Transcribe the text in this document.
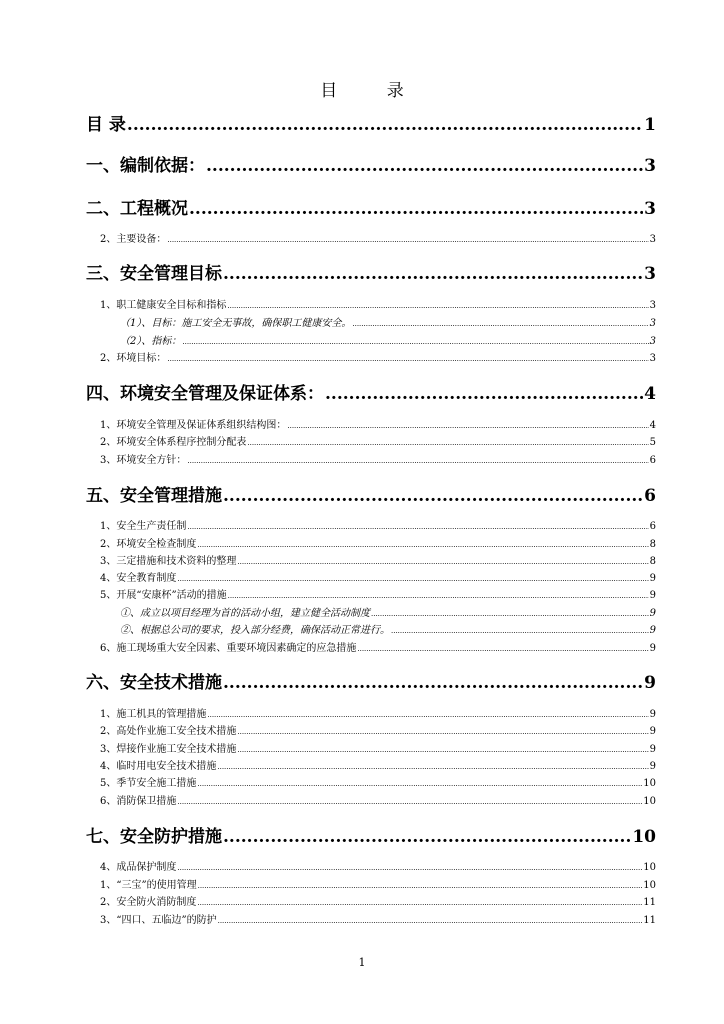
目 录
目 录 .....	1
一、编制依据： .....	3
二、工程概况 .....	3
2、主要设备： .....	3
三、安全管理目标 .....	3
1、职工健康安全目标和指标 .....	3
（1）、目标：施工安全无事故，确保职工健康安全。 .....	3
（2）、指标： .....	3
2、环境目标： .....	3
四、环境安全管理及保证体系： .....	4
1、环境安全管理及保证体系组织结构图： .....	4
2、环境安全体系程序控制分配表 .....	5
3、环境安全方针： .....	6
五、安全管理措施 .....	6
1、安全生产责任制 .....	6
2、环境安全检查制度 .....	8
3、三定措施和技术资料的整理 .....	8
4、安全教育制度 .....	9
5、开展“安康杯”活动的措施 .....	9
①、成立以项目经理为首的活动小组，建立健全活动制度 .....	9
②、根据总公司的要求，投入部分经费，确保活动正常进行。 .....	9
6、施工现场重大安全因素、重要环境因素确定的应急措施 .....	9
六、安全技术措施 .....	9
1、施工机具的管理措施 .....	9
2、高处作业施工安全技术措施 .....	9
3、焊接作业施工安全技术措施 .....	9
4、临时用电安全技术措施 .....	9
5、季节安全施工措施 .....	10
6、消防保卫措施 .....	10
七、安全防护措施 .....	10
4、成品保护制度 .....	10
1、“三宝”的使用管理 .....	10
2、安全防火消防制度 .....	11
3、“四口、五临边”的防护 .....	11
1
